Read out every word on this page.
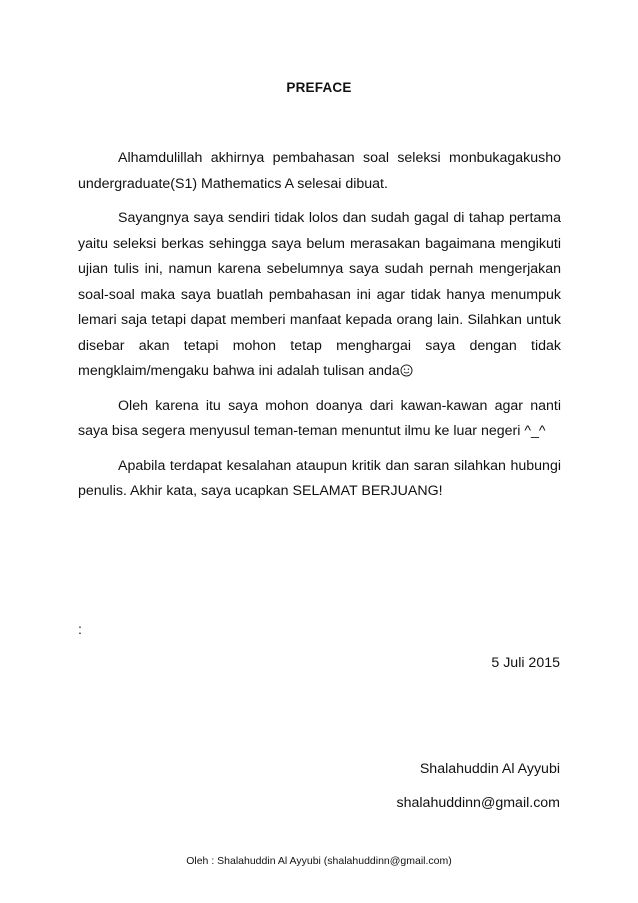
PREFACE

Alhamdulillah akhirnya pembahasan soal seleksi monbukagakusho undergraduate(S1) Mathematics A selesai dibuat.

Sayangnya saya sendiri tidak lolos dan sudah gagal di tahap pertama yaitu seleksi berkas sehingga saya belum merasakan bagaimana mengikuti ujian tulis ini, namun karena sebelumnya saya sudah pernah mengerjakan soal-soal maka saya buatlah pembahasan ini agar tidak hanya menumpuk lemari saja tetapi dapat memberi manfaat kepada orang lain. Silahkan untuk disebar akan tetapi mohon tetap menghargai saya dengan tidak mengklaim/mengaku bahwa ini adalah tulisan anda

Oleh karena itu saya mohon doanya dari kawan-kawan agar nanti saya bisa segera menyusul teman-teman menuntut ilmu ke luar negeri ^_^

Apabila terdapat kesalahan ataupun kritik dan saran silahkan hubungi penulis. Akhir kata, saya ucapkan SELAMAT BERJUANG!

:
5 Juli 2015
Shalahuddin Al Ayyubi
shalahuddinn@gmail.com
Oleh : Shalahuddin Al Ayyubi (shalahuddinn@gmail.com)
